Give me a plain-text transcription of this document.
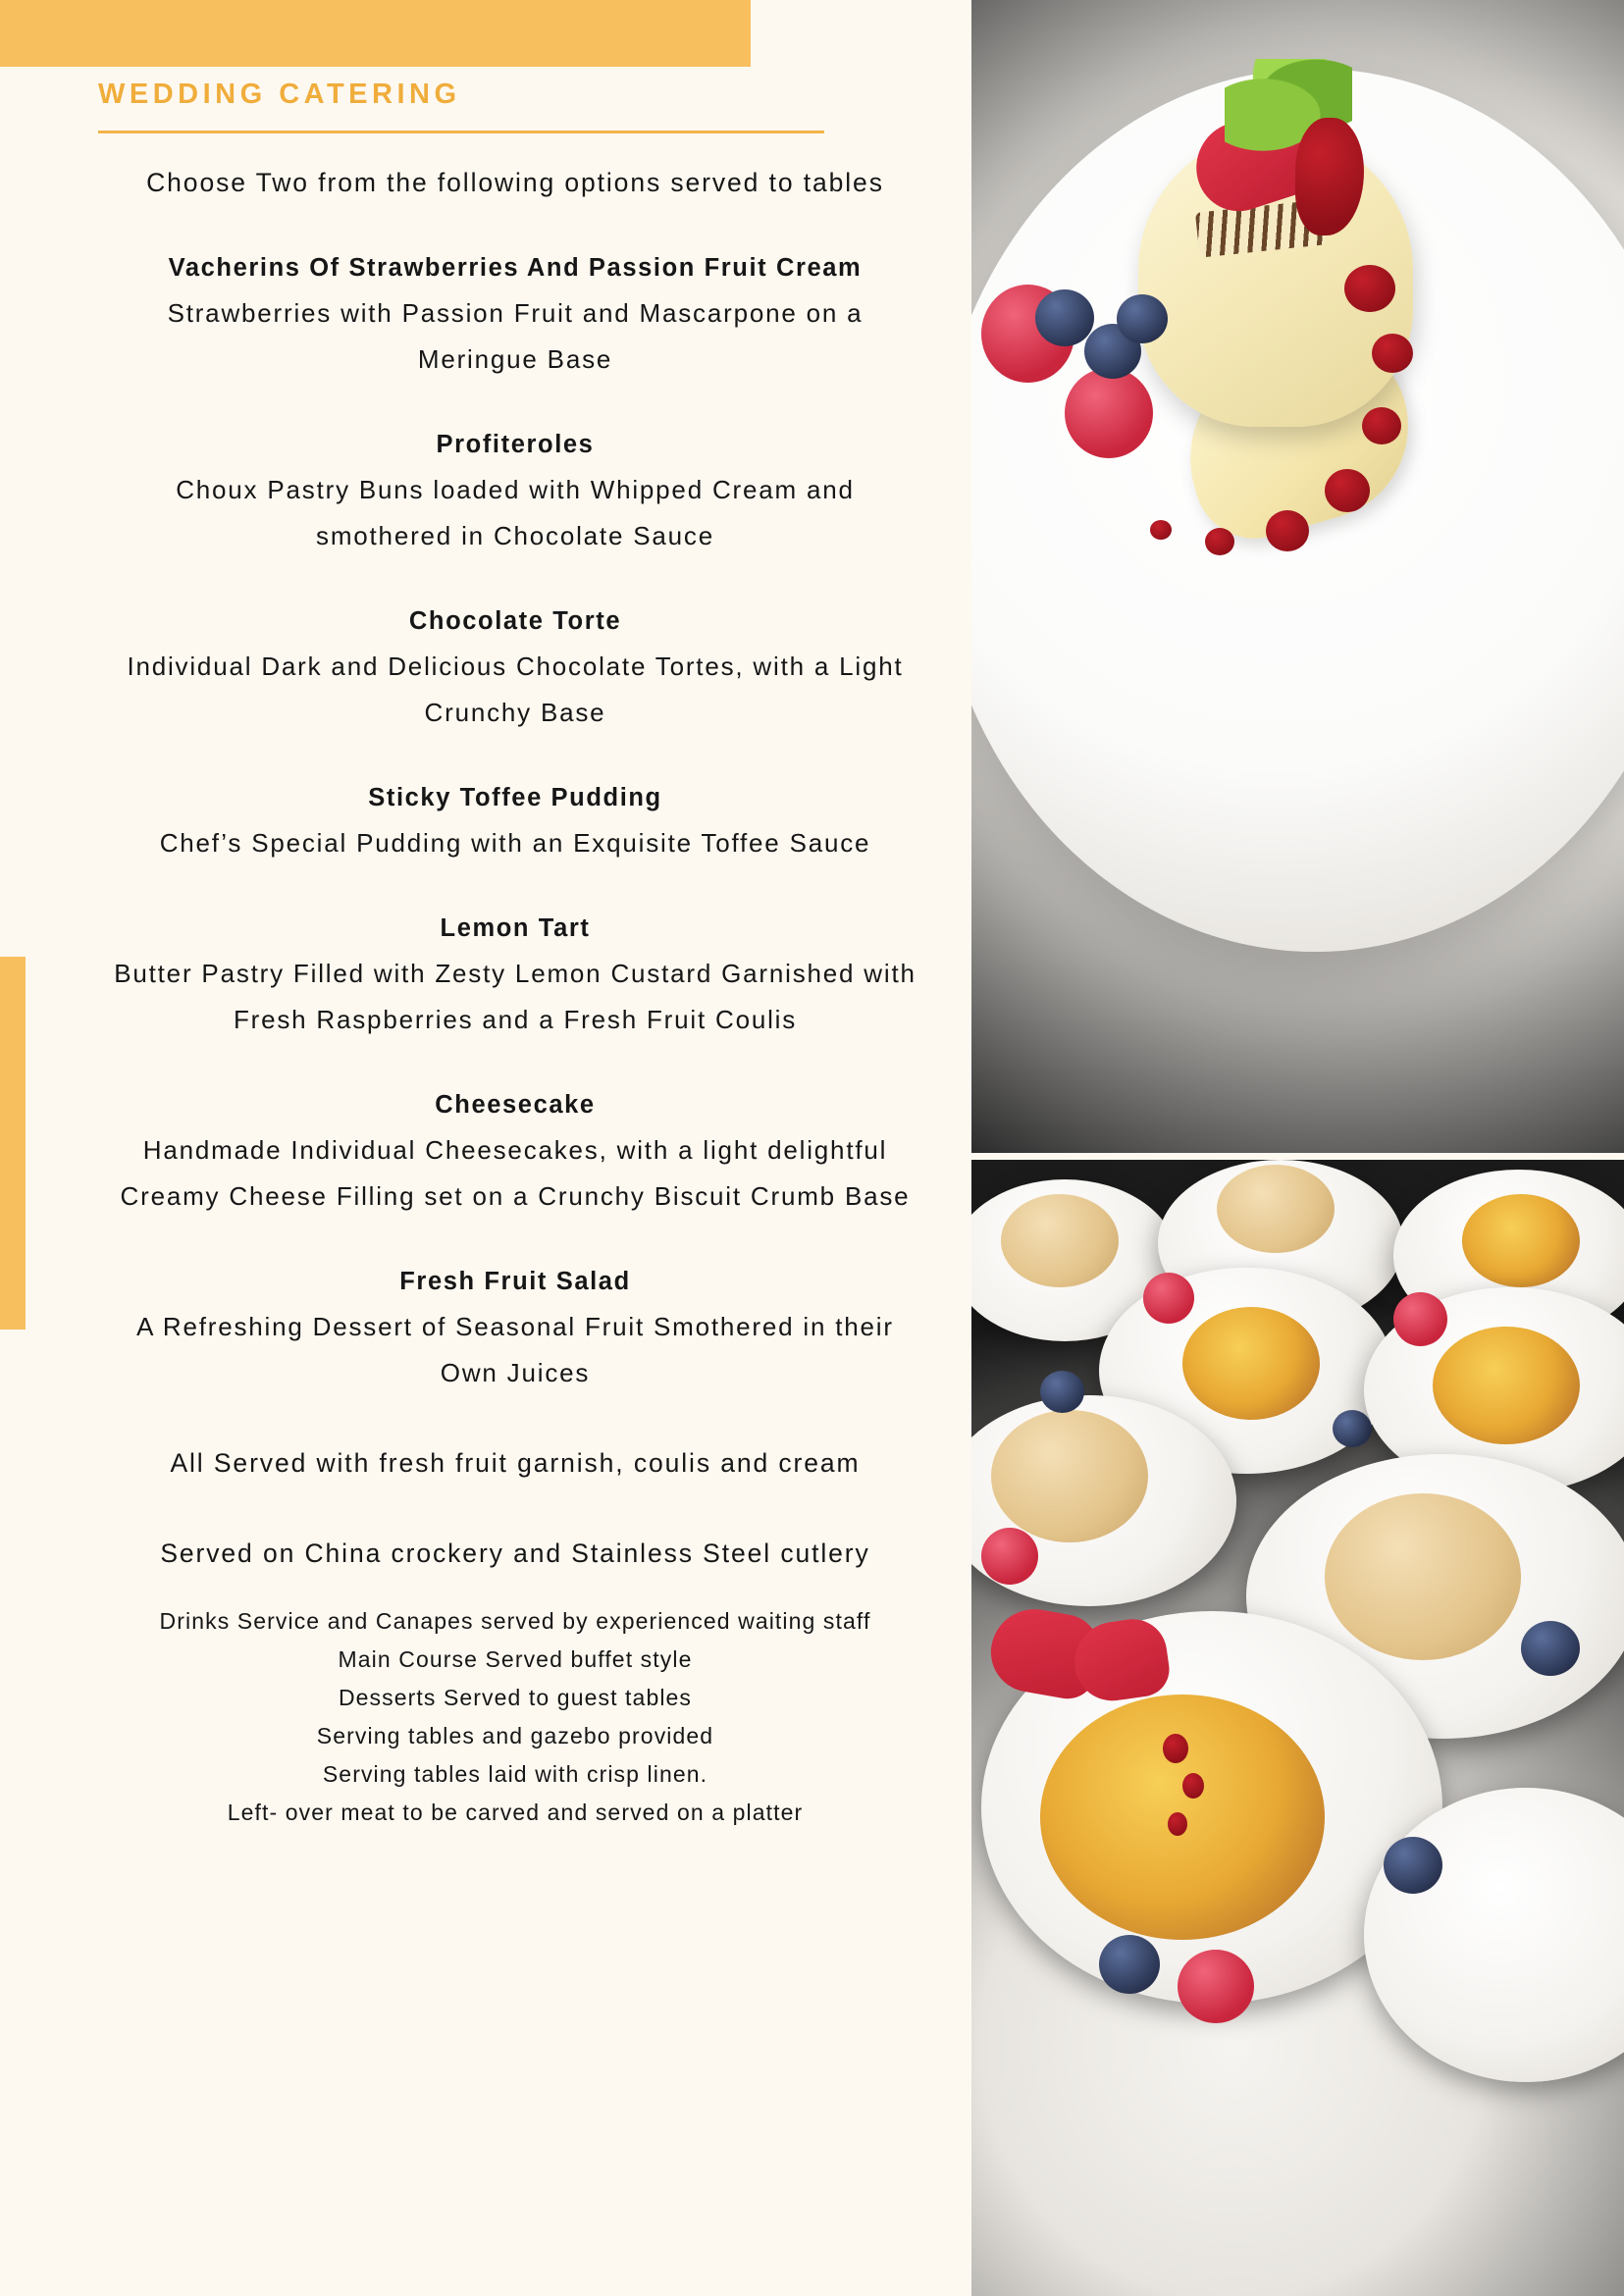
WEDDING CATERING
Choose Two from the following options served to tables
Vacherins Of Strawberries And Passion Fruit Cream
Strawberries with Passion Fruit and Mascarpone on a Meringue Base
Profiteroles
Choux Pastry Buns loaded with Whipped Cream and smothered in Chocolate Sauce
Chocolate Torte
Individual Dark and Delicious Chocolate Tortes, with a Light Crunchy Base
Sticky Toffee Pudding
Chef’s Special Pudding with an Exquisite Toffee Sauce
Lemon Tart
Butter Pastry Filled with Zesty Lemon Custard Garnished with Fresh Raspberries and a Fresh Fruit Coulis
Cheesecake
Handmade Individual Cheesecakes, with a light delightful Creamy Cheese Filling set on a Crunchy Biscuit Crumb Base
Fresh Fruit Salad
A Refreshing Dessert of Seasonal Fruit Smothered in their Own Juices
All Served with fresh fruit garnish, coulis and cream
Served on China crockery and Stainless Steel cutlery
Drinks Service and Canapes served by experienced waiting staff
Main Course Served buffet style
Desserts Served to guest tables
Serving tables and gazebo provided
Serving tables laid with crisp linen.
Left- over meat to be carved and served on a platter
